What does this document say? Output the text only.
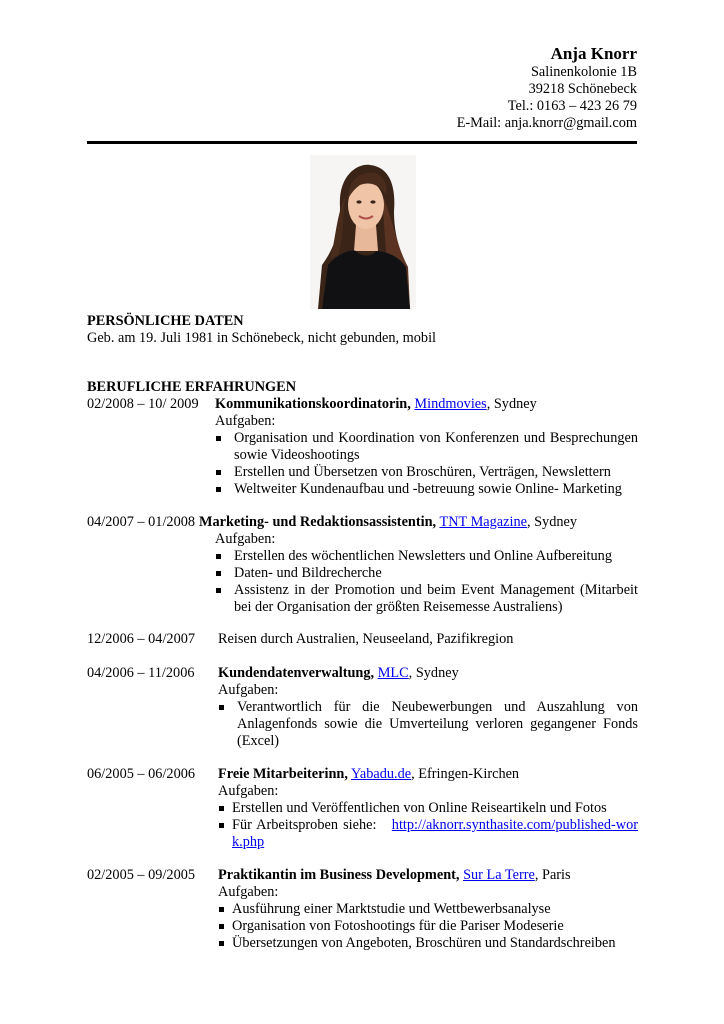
Anja Knorr
Salinenkolonie 1B
39218 Schönebeck
Tel.: 0163 – 423 26 79
E-Mail: anja.knorr@gmail.com
PERSÖNLICHE DATEN
Geb. am 19. Juli 1981 in Schönebeck, nicht gebunden, mobil
BERUFLICHE ERFAHRUNGEN
02/2008 – 10/ 2009 Kommunikationskoordinatorin, Mindmovies, Sydney
Aufgaben:
Organisation und Koordination von Konferenzen und Besprechungen sowie Videoshootings
Erstellen und Übersetzen von Broschüren, Verträgen, Newslettern
Weltweiter Kundenaufbau und -betreuung sowie Online- Marketing
04/2007 – 01/2008 Marketing- und Redaktionsassistentin, TNT Magazine, Sydney
Aufgaben:
Erstellen des wöchentlichen Newsletters und Online Aufbereitung
Daten- und Bildrecherche
Assistenz in der Promotion und beim Event Management (Mitarbeit bei der Organisation der größten Reisemesse Australiens)
12/2006 – 04/2007 Reisen durch Australien, Neuseeland, Pazifikregion
04/2006 – 11/2006 Kundendatenverwaltung, MLC, Sydney
Aufgaben:
Verantwortlich für die Neubewerbungen und Auszahlung von Anlagenfonds sowie die Umverteilung verloren gegangener Fonds (Excel)
06/2005 – 06/2006 Freie Mitarbeiterinn, Yabadu.de, Efringen-Kirchen
Aufgaben:
Erstellen und Veröffentlichen von Online Reiseartikeln und Fotos
Für Arbeitsproben siehe: http://aknorr.synthasite.com/published-work.php
02/2005 – 09/2005 Praktikantin im Business Development, Sur La Terre, Paris
Aufgaben:
Ausführung einer Marktstudie und Wettbewerbsanalyse
Organisation von Fotoshootings für die Pariser Modeserie
Übersetzungen von Angeboten, Broschüren und Standardschreiben
